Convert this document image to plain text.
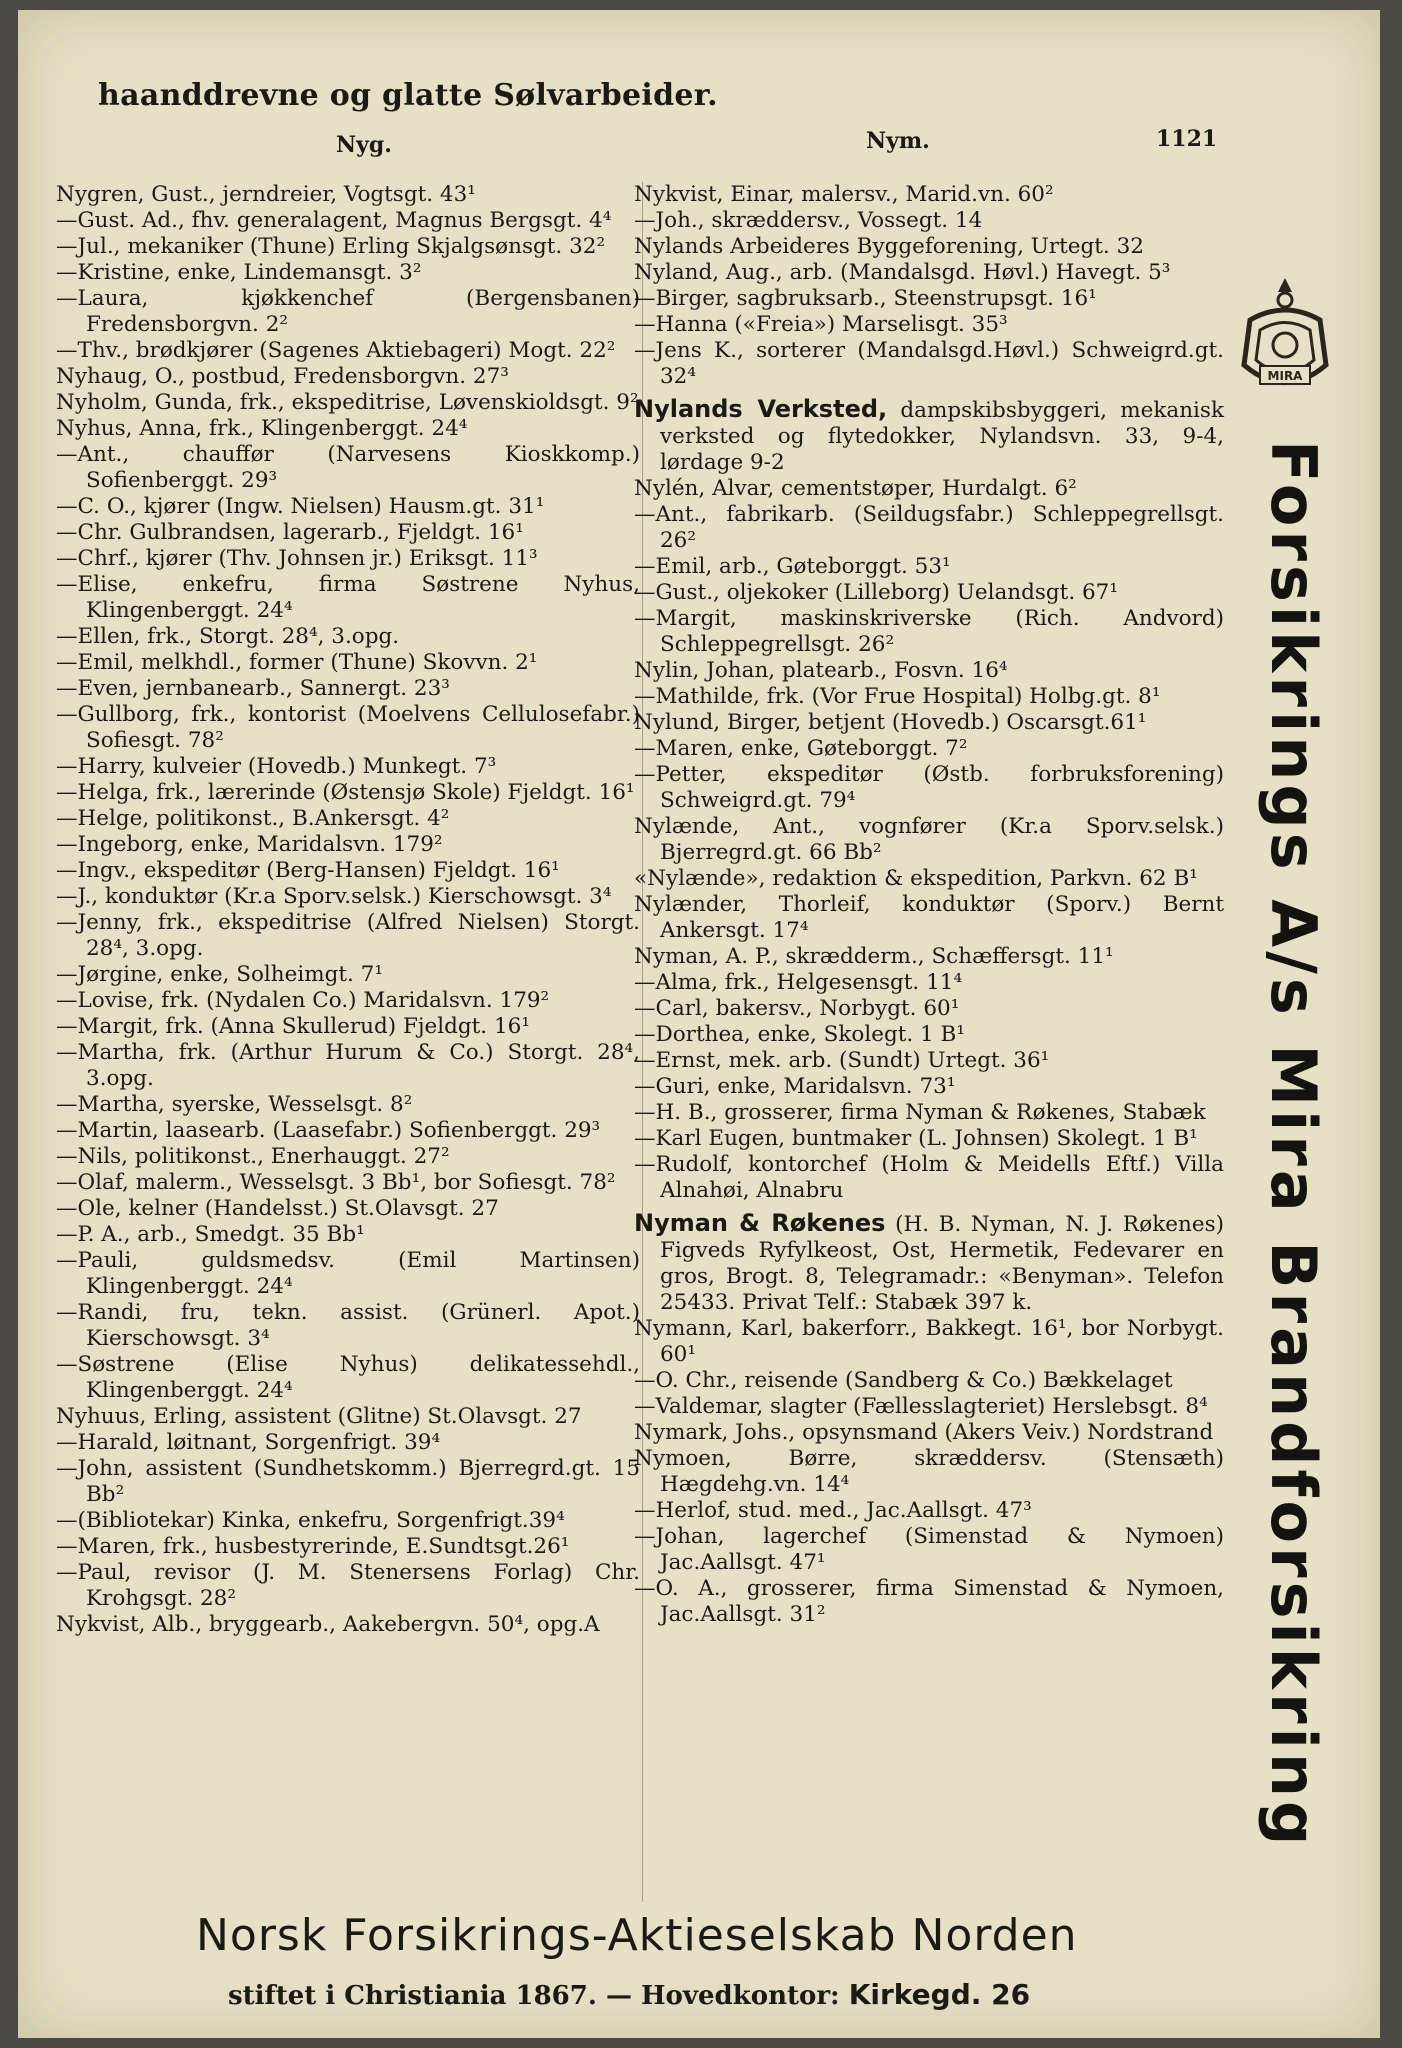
haanddrevne og glatte Sølvarbeider.
Nyg.	Nym.	1121
Nygren, Gust., jerndreier, Vogtsgt. 43¹
—Gust. Ad., fhv. generalagent, Magnus Bergsgt. 4⁴
—Jul., mekaniker (Thune) Erling Skjalgsønsgt. 32²
—Kristine, enke, Lindemansgt. 3²
—Laura, kjøkkenchef (Bergensbanen) Fredensborgvn. 2²
—Thv., brødkjører (Sagenes Aktiebageri) Mogt. 22²
Nyhaug, O., postbud, Fredensborgvn. 27³
Nyholm, Gunda, frk., ekspeditrise, Løvenskioldsgt. 9²
Nyhus, Anna, frk., Klingenberggt. 24⁴
—Ant., chauffør (Narvesens Kioskkomp.) Sofienberggt. 29³
—C. O., kjører (Ingw. Nielsen) Hausm.gt. 31¹
—Chr. Gulbrandsen, lagerarb., Fjeldgt. 16¹
—Chrf., kjører (Thv. Johnsen jr.) Eriksgt. 11³
—Elise, enkefru, firma Søstrene Nyhus, Klingenberggt. 24⁴
—Ellen, frk., Storgt. 28⁴, 3.opg.
—Emil, melkhdl., former (Thune) Skovvn. 2¹
—Even, jernbanearb., Sannergt. 23³
—Gullborg, frk., kontorist (Moelvens Cellulosefabr.) Sofiesgt. 78²
—Harry, kulveier (Hovedb.) Munkegt. 7³
—Helga, frk., lærerinde (Østensjø Skole) Fjeldgt. 16¹
—Helge, politikonst., B.Ankersgt. 4²
—Ingeborg, enke, Maridalsvn. 179²
—Ingv., ekspeditør (Berg-Hansen) Fjeldgt. 16¹
—J., konduktør (Kr.a Sporv.selsk.) Kierschowsgt. 3⁴
—Jenny, frk., ekspeditrise (Alfred Nielsen) Storgt. 28⁴, 3.opg.
—Jørgine, enke, Solheimgt. 7¹
—Lovise, frk. (Nydalen Co.) Maridalsvn. 179²
—Margit, frk. (Anna Skullerud) Fjeldgt. 16¹
—Martha, frk. (Arthur Hurum & Co.) Storgt. 28⁴, 3.opg.
—Martha, syerske, Wesselsgt. 8²
—Martin, laasearb. (Laasefabr.) Sofienberggt. 29³
—Nils, politikonst., Enerhauggt. 27²
—Olaf, malerm., Wesselsgt. 3 Bb¹, bor Sofiesgt. 78²
—Ole, kelner (Handelsst.) St.Olavsgt. 27
—P. A., arb., Smedgt. 35 Bb¹
—Pauli, guldsmedsv. (Emil Martinsen) Klingenberggt. 24⁴
—Randi, fru, tekn. assist. (Grünerl. Apot.) Kierschowsgt. 3⁴
—Søstrene (Elise Nyhus) delikatessehdl., Klingenberggt. 24⁴
Nyhuus, Erling, assistent (Glitne) St.Olavsgt. 27
—Harald, løitnant, Sorgenfrigt. 39⁴
—John, assistent (Sundhetskomm.) Bjerregrd.gt. 15 Bb²
—(Bibliotekar) Kinka, enkefru, Sorgenfrigt.39⁴
—Maren, frk., husbestyrerinde, E.Sundtsgt.26¹
—Paul, revisor (J. M. Stenersens Forlag) Chr. Krohgsgt. 28²
Nykvist, Alb., bryggearb., Aakebergvn. 50⁴, opg.A
Nykvist, Einar, malersv., Marid.vn. 60²
—Joh., skræddersv., Vossegt. 14
Nylands Arbeideres Byggeforening, Urtegt. 32
Nyland, Aug., arb. (Mandalsgd. Høvl.) Havegt. 5³
—Birger, sagbruksarb., Steenstrupsgt. 16¹
—Hanna («Freia») Marselisgt. 35³
—Jens K., sorterer (Mandalsgd.Høvl.) Schweigrd.gt. 32⁴
Nylands Verksted, dampskibsbyggeri, mekanisk verksted og flytedokker, Nylandsvn. 33, 9-4, lørdage 9-2
Nylén, Alvar, cementstøper, Hurdalgt. 6²
—Ant., fabrikarb. (Seildugsfabr.) Schleppegrellsgt. 26²
—Emil, arb., Gøteborggt. 53¹
—Gust., oljekoker (Lilleborg) Uelandsgt. 67¹
—Margit, maskinskriverske (Rich. Andvord) Schleppegrellsgt. 26²
Nylin, Johan, platearb., Fosvn. 16⁴
—Mathilde, frk. (Vor Frue Hospital) Holbg.gt. 8¹
Nylund, Birger, betjent (Hovedb.) Oscarsgt.61¹
—Maren, enke, Gøteborggt. 7²
—Petter, ekspeditør (Østb. forbruksforening) Schweigrd.gt. 79⁴
Nylænde, Ant., vognfører (Kr.a Sporv.selsk.) Bjerregrd.gt. 66 Bb²
«Nylænde», redaktion & ekspedition, Parkvn. 62 B¹
Nylænder, Thorleif, konduktør (Sporv.) Bernt Ankersgt. 17⁴
Nyman, A. P., skrædderm., Schæffersgt. 11¹
—Alma, frk., Helgesensgt. 11⁴
—Carl, bakersv., Norbygt. 60¹
—Dorthea, enke, Skolegt. 1 B¹
—Ernst, mek. arb. (Sundt) Urtegt. 36¹
—Guri, enke, Maridalsvn. 73¹
—H. B., grosserer, firma Nyman & Røkenes, Stabæk
—Karl Eugen, buntmaker (L. Johnsen) Skolegt. 1 B¹
—Rudolf, kontorchef (Holm & Meidells Eftf.) Villa Alnahøi, Alnabru
Nyman & Røkenes (H. B. Nyman, N. J. Røkenes) Figveds Ryfylkeost, Ost, Hermetik, Fedevarer en gros, Brogt. 8, Telegramadr.: «Benyman». Telefon 25433. Privat Telf.: Stabæk 397 k.
Nymann, Karl, bakerforr., Bakkegt. 16¹, bor Norbygt. 60¹
—O. Chr., reisende (Sandberg & Co.) Bækkelaget
—Valdemar, slagter (Fællesslagteriet) Herslebsgt. 8⁴
Nymark, Johs., opsynsmand (Akers Veiv.) Nordstrand
Nymoen, Børre, skræddersv. (Stensæth) Hægdehg.vn. 14⁴
—Herlof, stud. med., Jac.Aallsgt. 47³
—Johan, lagerchef (Simenstad & Nymoen) Jac.Aallsgt. 47¹
—O. A., grosserer, firma Simenstad & Nymoen, Jac.Aallsgt. 31²
MIRA
Forsikrings A/s Mira Brandforsikring
Norsk Forsikrings-Aktieselskab Norden
stiftet i Christiania 1867. — Hovedkontor: Kirkegd. 26
